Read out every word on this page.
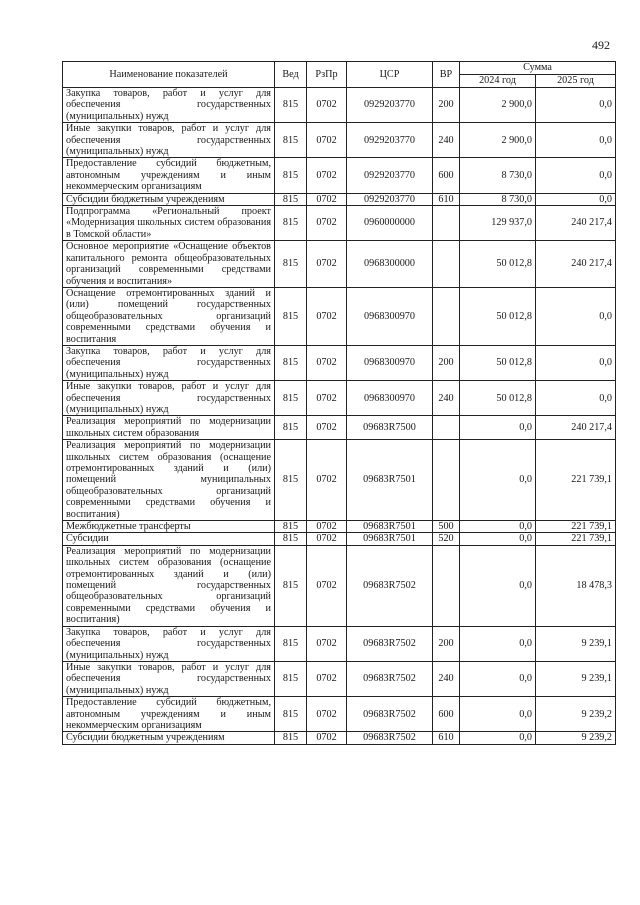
492
Наименование показателей	Вед	РзПр	ЦСР	ВР	Сумма	
					2024 год	2025 год
Закупка товаров, работ и услуг для обеспечения государственных (муниципальных) нужд	815	0702	0929203770	200	2 900,0	0,0
Иные закупки товаров, работ и услуг для обеспечения государственных (муниципальных) нужд	815	0702	0929203770	240	2 900,0	0,0
Предоставление субсидий бюджетным, автономным учреждениям и иным некоммерческим организациям	815	0702	0929203770	600	8 730,0	0,0
Субсидии бюджетным учреждениям	815	0702	0929203770	610	8 730,0	0,0
Подпрограмма «Региональный проект «Модернизация школьных систем образования в Томской области»	815	0702	0960000000		129 937,0	240 217,4
Основное мероприятие «Оснащение объектов капитального ремонта общеобразовательных организаций современными средствами обучения и воспитания»	815	0702	0968300000		50 012,8	240 217,4
Оснащение отремонтированных зданий и (или) помещений государственных общеобразовательных организаций современными средствами обучения и воспитания	815	0702	0968300970		50 012,8	0,0
Закупка товаров, работ и услуг для обеспечения государственных (муниципальных) нужд	815	0702	0968300970	200	50 012,8	0,0
Иные закупки товаров, работ и услуг для обеспечения государственных (муниципальных) нужд	815	0702	0968300970	240	50 012,8	0,0
Реализация мероприятий по модернизации школьных систем образования	815	0702	09683R7500		0,0	240 217,4
Реализация мероприятий по модернизации школьных систем образования (оснащение отремонтированных зданий и (или) помещений муниципальных общеобразовательных организаций современными средствами обучения и воспитания)	815	0702	09683R7501		0,0	221 739,1
Межбюджетные трансферты	815	0702	09683R7501	500	0,0	221 739,1
Субсидии	815	0702	09683R7501	520	0,0	221 739,1
Реализация мероприятий по модернизации школьных систем образования (оснащение отремонтированных зданий и (или) помещений государственных общеобразовательных организаций современными средствами обучения и воспитания)	815	0702	09683R7502		0,0	18 478,3
Закупка товаров, работ и услуг для обеспечения государственных (муниципальных) нужд	815	0702	09683R7502	200	0,0	9 239,1
Иные закупки товаров, работ и услуг для обеспечения государственных (муниципальных) нужд	815	0702	09683R7502	240	0,0	9 239,1
Предоставление субсидий бюджетным, автономным учреждениям и иным некоммерческим организациям	815	0702	09683R7502	600	0,0	9 239,2
Субсидии бюджетным учреждениям	815	0702	09683R7502	610	0,0	9 239,2
